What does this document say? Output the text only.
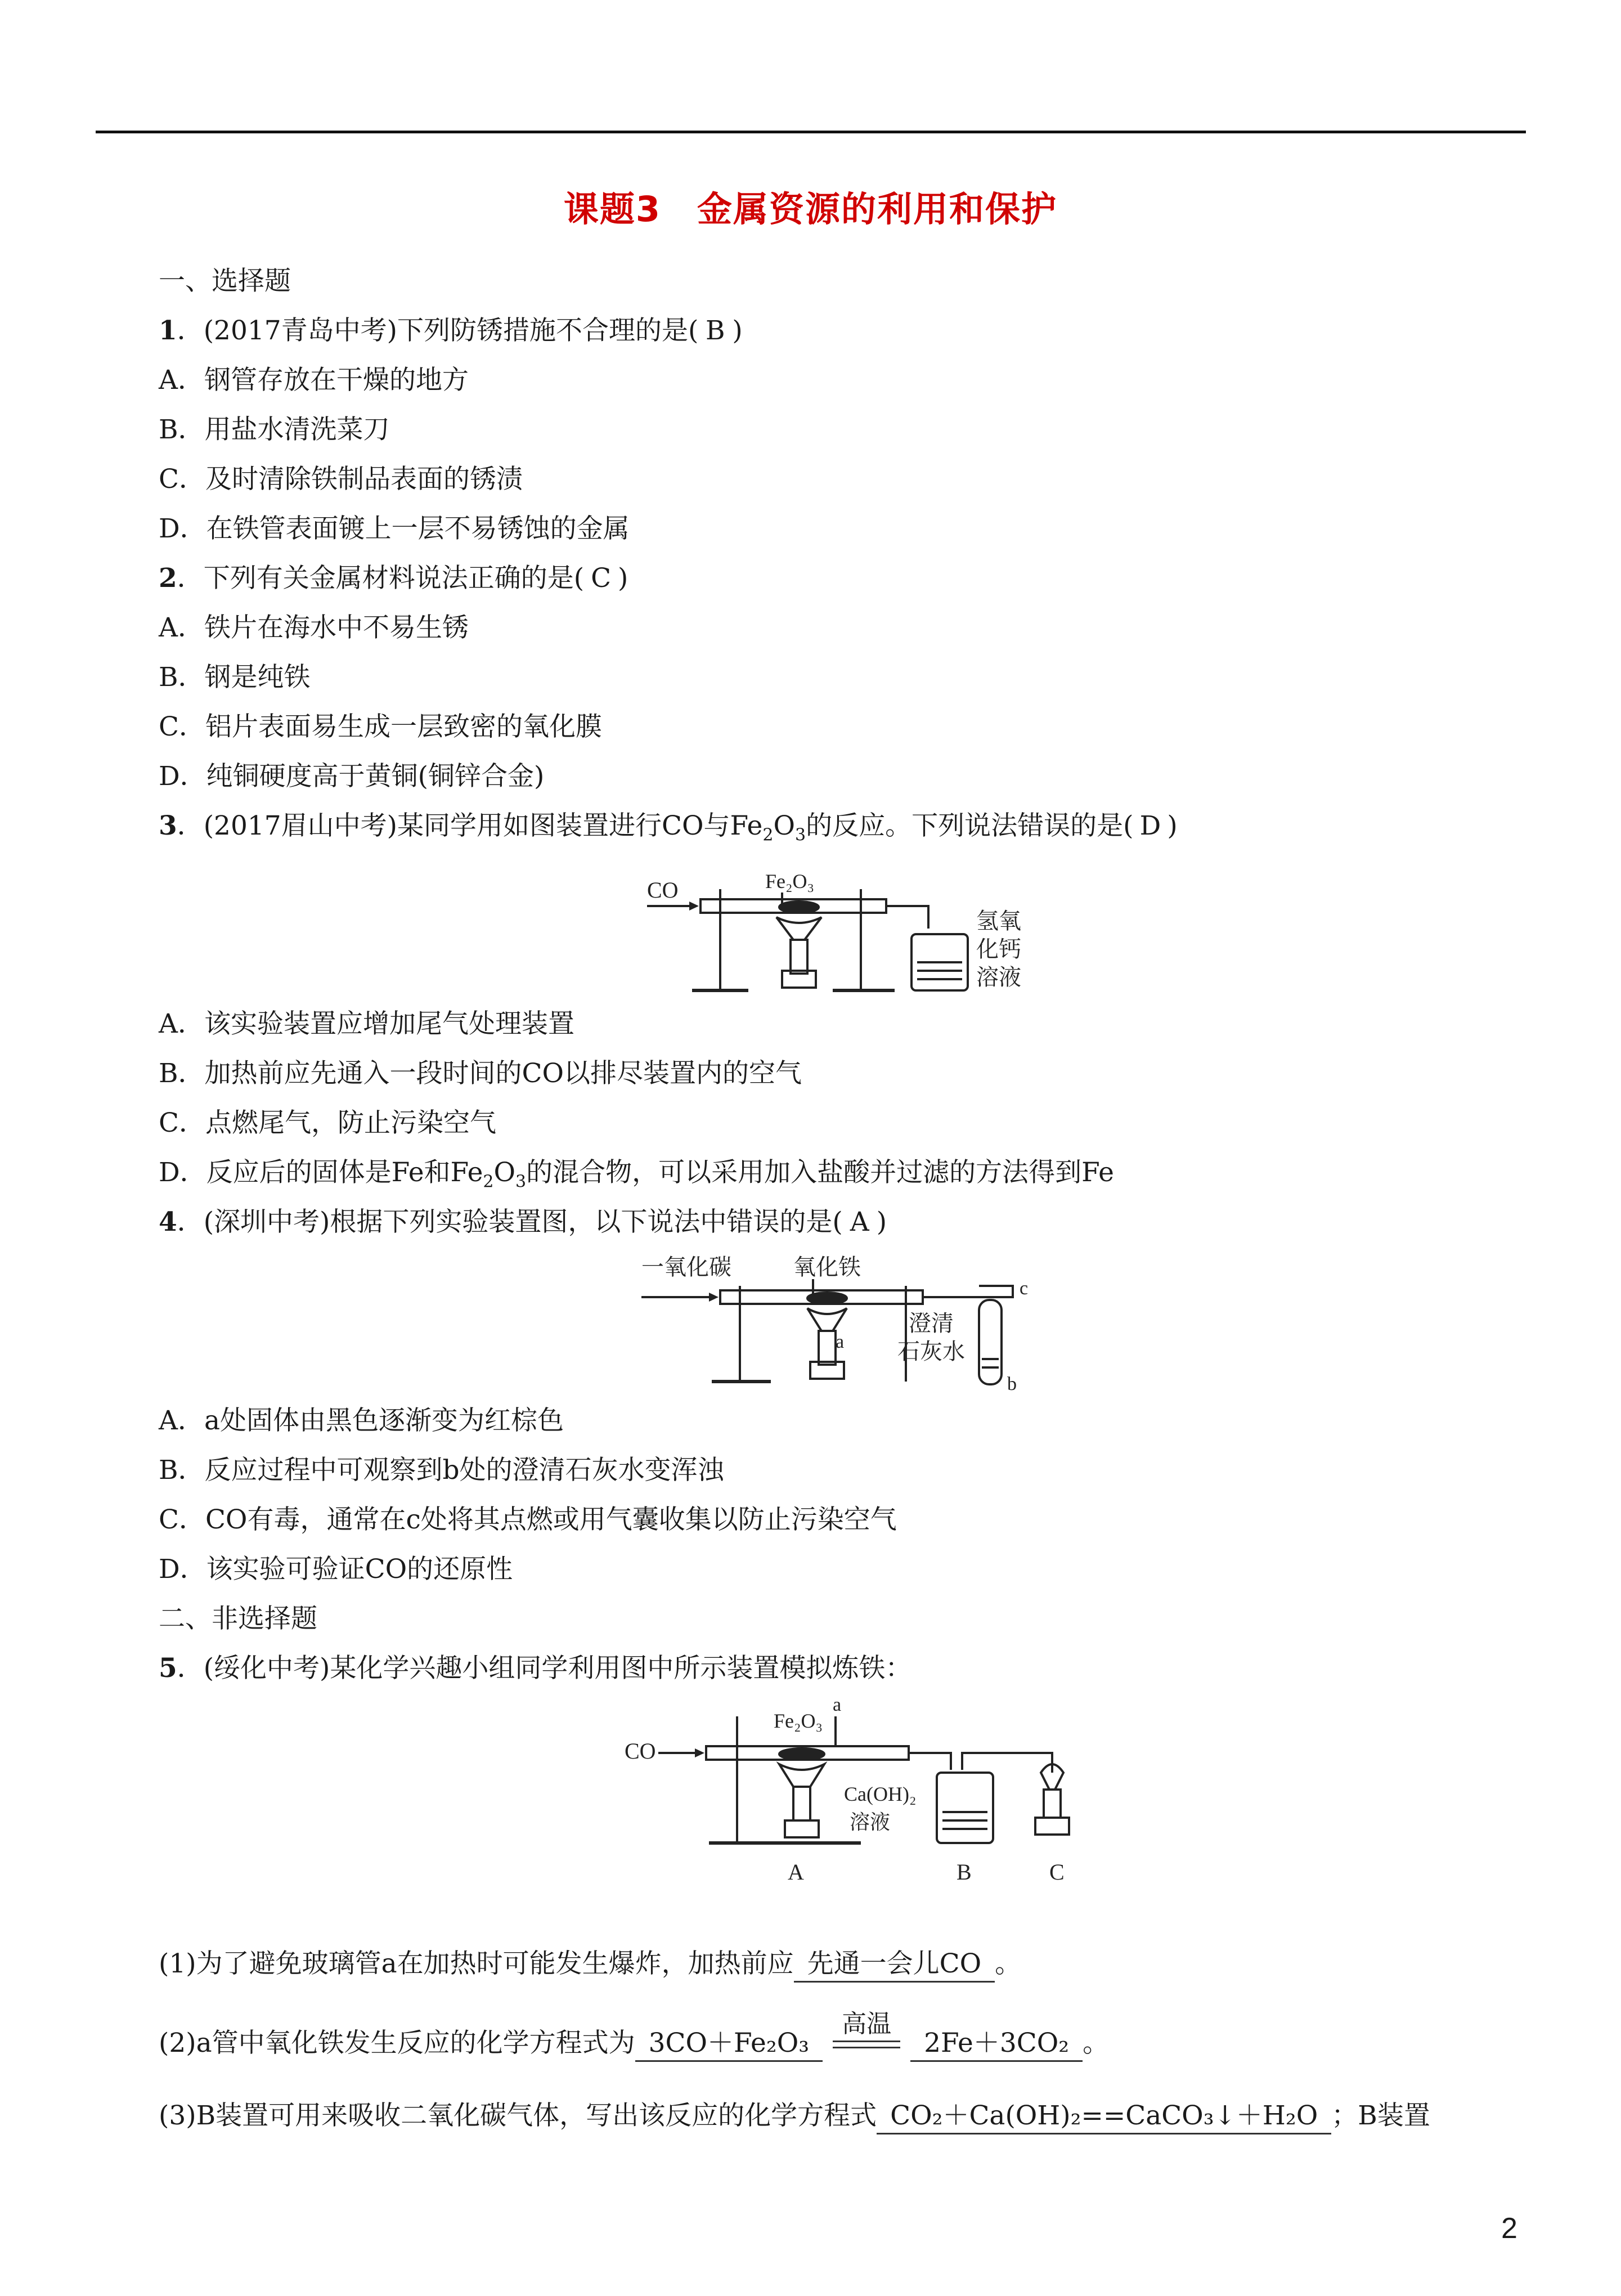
课题3　金属资源的利用和保护
一、选择题
1．(2017青岛中考)下列防锈措施不合理的是( B )
A．钢管存放在干燥的地方
B．用盐水清洗菜刀
C．及时清除铁制品表面的锈渍
D．在铁管表面镀上一层不易锈蚀的金属
2．下列有关金属材料说法正确的是( C )
A．铁片在海水中不易生锈
B．钢是纯铁
C．铝片表面易生成一层致密的氧化膜
D．纯铜硬度高于黄铜(铜锌合金)
3．(2017眉山中考)某同学用如图装置进行CO与$Fe_2O_3$的反应。下列说法错误的是( D )
CO	Fe₂O₃
氢氧
化钙
溶液
A．该实验装置应增加尾气处理装置
B．加热前应先通入一段时间的CO以排尽装置内的空气
C．点燃尾气，防止污染空气
D．反应后的固体是Fe和$Fe_2O_3$的混合物，可以采用加入盐酸并过滤的方法得到Fe
4．(深圳中考)根据下列实验装置图，以下说法中错误的是( A )
一氧化碳	氧化铁
a
c
b
澄清
石灰水
A．a处固体由黑色逐渐变为红棕色
B．反应过程中可观察到b处的澄清石灰水变浑浊
C．CO有毒，通常在c处将其点燃或用气囊收集以防止污染空气
D．该实验可验证CO的还原性
二、非选择题
5．(绥化中考)某化学兴趣小组同学利用图中所示装置模拟炼铁：
CO
Fe₂O₃
a
Ca(OH)₂
溶液
A	B	C
(1)为了避免玻璃管a在加热时可能发生爆炸，加热前应 先通一会儿CO 。
(2)a管中氧化铁发生反应的化学方程式为 3CO＋Fe₂O₃
高温
2Fe＋3CO₂ 。
(3)B装置可用来吸收二氧化碳气体，写出该反应的化学方程式 CO₂＋Ca(OH)₂==CaCO₃↓＋H₂O ；B装置
2
